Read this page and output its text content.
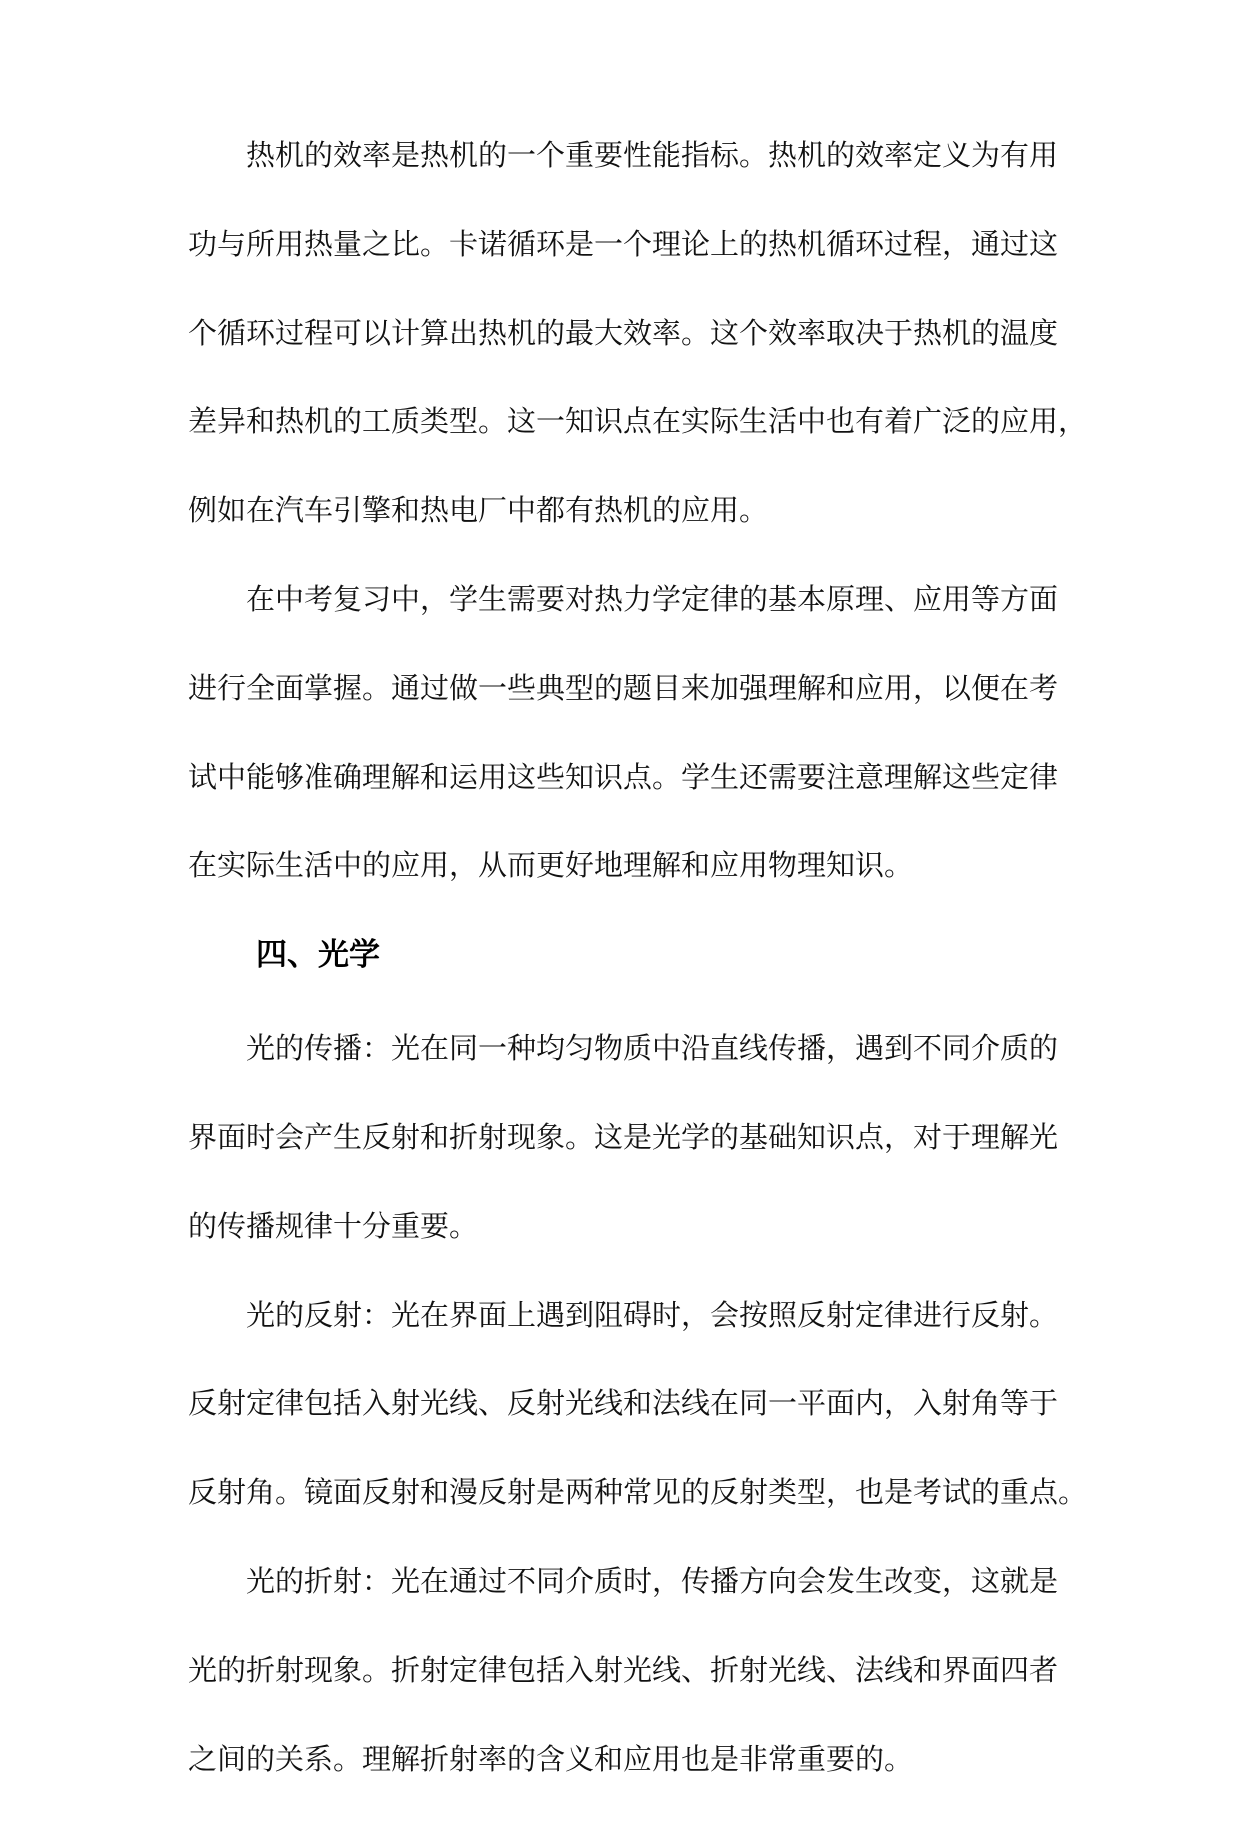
热机的效率是热机的一个重要性能指标。热机的效率定义为有用
功与所用热量之比。卡诺循环是一个理论上的热机循环过程，通过这
个循环过程可以计算出热机的最大效率。这个效率取决于热机的温度
差异和热机的工质类型。这一知识点在实际生活中也有着广泛的应用，
例如在汽车引擎和热电厂中都有热机的应用。
在中考复习中，学生需要对热力学定律的基本原理、应用等方面
进行全面掌握。通过做一些典型的题目来加强理解和应用，以便在考
试中能够准确理解和运用这些知识点。学生还需要注意理解这些定律
在实际生活中的应用，从而更好地理解和应用物理知识。
四、光学
光的传播：光在同一种均匀物质中沿直线传播，遇到不同介质的
界面时会产生反射和折射现象。这是光学的基础知识点，对于理解光
的传播规律十分重要。
光的反射：光在界面上遇到阻碍时，会按照反射定律进行反射。
反射定律包括入射光线、反射光线和法线在同一平面内，入射角等于
反射角。镜面反射和漫反射是两种常见的反射类型，也是考试的重点。
光的折射：光在通过不同介质时，传播方向会发生改变，这就是
光的折射现象。折射定律包括入射光线、折射光线、法线和界面四者
之间的关系。理解折射率的含义和应用也是非常重要的。
